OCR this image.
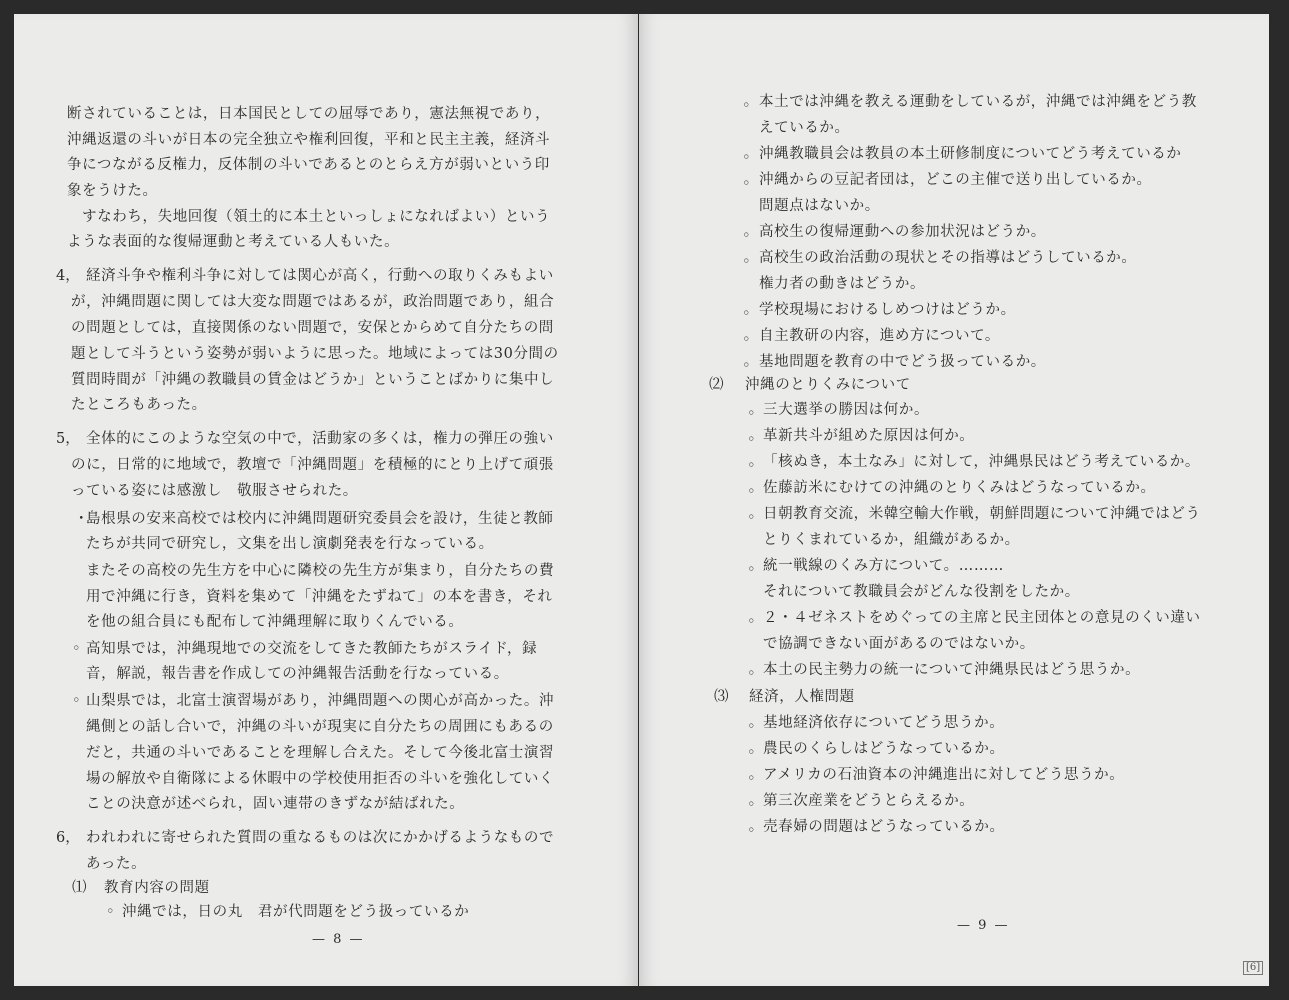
断されていることは，日本国民としての屈辱であり，憲法無視であり，
沖縄返還の斗いが日本の完全独立や権利回復，平和と民主主義，経済斗
争につながる反権力，反体制の斗いであるとのとらえ方が弱いという印
象をうけた。
　すなわち，失地回復（領土的に本土といっしょになればよい）という
ような表面的な復帰運動と考えている人もいた。
4， 経済斗争や権利斗争に対しては関心が高く，行動への取りくみもよい
が，沖縄問題に関しては大変な問題ではあるが，政治問題であり，組合
の問題としては，直接関係のない問題で，安保とからめて自分たちの問
題として斗うという姿勢が弱いように思った。地域によっては30分間の
質問時間が「沖縄の教職員の賃金はどうか」ということばかりに集中し
たところもあった。
5， 全体的にこのような空気の中で，活動家の多くは，権力の弾圧の強い
のに，日常的に地域で，教壇で「沖縄問題」を積極的にとり上げて頑張
っている姿には感激し　敬服させられた。
・
島根県の安来高校では校内に沖縄問題研究委員会を設け，生徒と教師
たちが共同で研究し，文集を出し演劇発表を行なっている。
またその高校の先生方を中心に隣校の先生方が集まり，自分たちの費
用で沖縄に行き，資料を集めて「沖縄をたずねて」の本を書き，それ
を他の組合員にも配布して沖縄理解に取りくんでいる。
◦ 高知県では，沖縄現地での交流をしてきた教師たちがスライド，録
音，解説，報告書を作成しての沖縄報告活動を行なっている。
◦ 山梨県では，北富士演習場があり，沖縄問題への関心が高かった。沖
縄側との話し合いで，沖縄の斗いが現実に自分たちの周囲にもあるの
だと，共通の斗いであることを理解し合えた。そして今後北富士演習
場の解放や自衛隊による休暇中の学校使用拒否の斗いを強化していく
ことの決意が述べられ，固い連帯のきずなが結ばれた。
6， われわれに寄せられた質問の重なるものは次にかかげるようなもので
あった。
⑴ 教育内容の問題
◦ 沖縄では，日の丸　君が代問題をどう扱っているか
— 8 —
◦ 本土では沖縄を教える運動をしているが，沖縄では沖縄をどう教
えているか。
◦ 沖縄教職員会は教員の本土研修制度についてどう考えているか
◦ 沖縄からの豆記者団は，どこの主催で送り出しているか。
問題点はないか。
◦ 高校生の復帰運動への参加状況はどうか。
◦ 高校生の政治活動の現状とその指導はどうしているか。
権力者の動きはどうか。
◦ 学校現場におけるしめつけはどうか。
◦ 自主教研の内容，進め方について。
◦ 基地問題を教育の中でどう扱っているか。
⑵ 沖縄のとりくみについて
◦ 三大選挙の勝因は何か。
◦ 革新共斗が組めた原因は何か。
◦ 「核ぬき，本土なみ」に対して，沖縄県民はどう考えているか。
◦ 佐藤訪米にむけての沖縄のとりくみはどうなっているか。
◦ 日朝教育交流，米韓空輸大作戦，朝鮮問題について沖縄ではどう
とりくまれているか，組織があるか。
◦ 統一戦線のくみ方について。………
それについて教職員会がどんな役割をしたか。
◦ ２・４ゼネストをめぐっての主席と民主団体との意見のくい違い
で協調できない面があるのではないか。
◦ 本土の民主勢力の統一について沖縄県民はどう思うか。
⑶ 経済，人権問題
◦ 基地経済依存についてどう思うか。
◦ 農民のくらしはどうなっているか。
◦ アメリカの石油資本の沖縄進出に対してどう思うか。
◦ 第三次産業をどうとらえるか。
◦ 売春婦の問題はどうなっているか。
— 9 —
[6]
